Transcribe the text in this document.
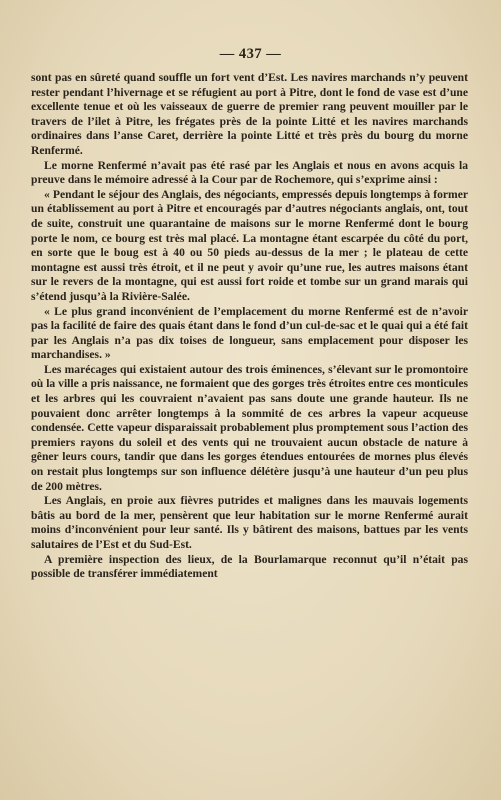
— 437 —

sont pas en sûreté quand souffle un fort vent d’Est. Les navires marchands n’y peuvent rester pendant l’hivernage et se réfugient au port à Pitre, dont le fond de vase est d’une excellente tenue et où les vaisseaux de guerre de premier rang peuvent mouiller par le travers de l’ilet à Pitre, les frégates près de la pointe Litté et les navires marchands ordinaires dans l’anse Caret, derrière la pointe Litté et très près du bourg du morne Renfermé.

Le morne Renfermé n’avait pas été rasé par les Anglais et nous en avons acquis la preuve dans le mémoire adressé à la Cour par de Rochemore, qui s’exprime ainsi :

« Pendant le séjour des Anglais, des négociants, empressés depuis longtemps à former un établissement au port à Pitre et encouragés par d’autres négociants anglais, ont, tout de suite, construit une quarantaine de maisons sur le morne Renfermé dont le bourg porte le nom, ce bourg est très mal placé. La montagne étant escarpée du côté du port, en sorte que le boug est à 40 ou 50 pieds au-dessus de la mer ; le plateau de cette montagne est aussi très étroit, et il ne peut y avoir qu’une rue, les autres maisons étant sur le revers de la montagne, qui est aussi fort roide et tombe sur un grand marais qui s’étend jusqu’à la Rivière-Salée.

« Le plus grand inconvénient de l’emplacement du morne Renfermé est de n’avoir pas la facilité de faire des quais étant dans le fond d’un cul-de-sac et le quai qui a été fait par les Anglais n’a pas dix toises de longueur, sans emplacement pour disposer les marchandises. »

Les marécages qui existaient autour des trois éminences, s’élevant sur le promontoire où la ville a pris naissance, ne formaient que des gorges très étroites entre ces monticules et les arbres qui les couvraient n’avaient pas sans doute une grande hauteur. Ils ne pouvaient donc arrêter longtemps à la sommité de ces arbres la vapeur acqueuse condensée. Cette vapeur disparaissait probablement plus promptement sous l’action des premiers rayons du soleil et des vents qui ne trouvaient aucun obstacle de nature à gêner leurs cours, tandir que dans les gorges étendues entourées de mornes plus élevés on restait plus longtemps sur son influence délétère jusqu’à une hauteur d’un peu plus de 200 mètres.

Les Anglais, en proie aux fièvres putrides et malignes dans les mauvais logements bâtis au bord de la mer, pensèrent que leur habitation sur le morne Renfermé aurait moins d’inconvénient pour leur santé. Ils y bâtirent des maisons, battues par les vents salutaires de l’Est et du Sud-Est.

A première inspection des lieux, de la Bourlamarque reconnut qu’il n’était pas possible de transférer immédiatement
